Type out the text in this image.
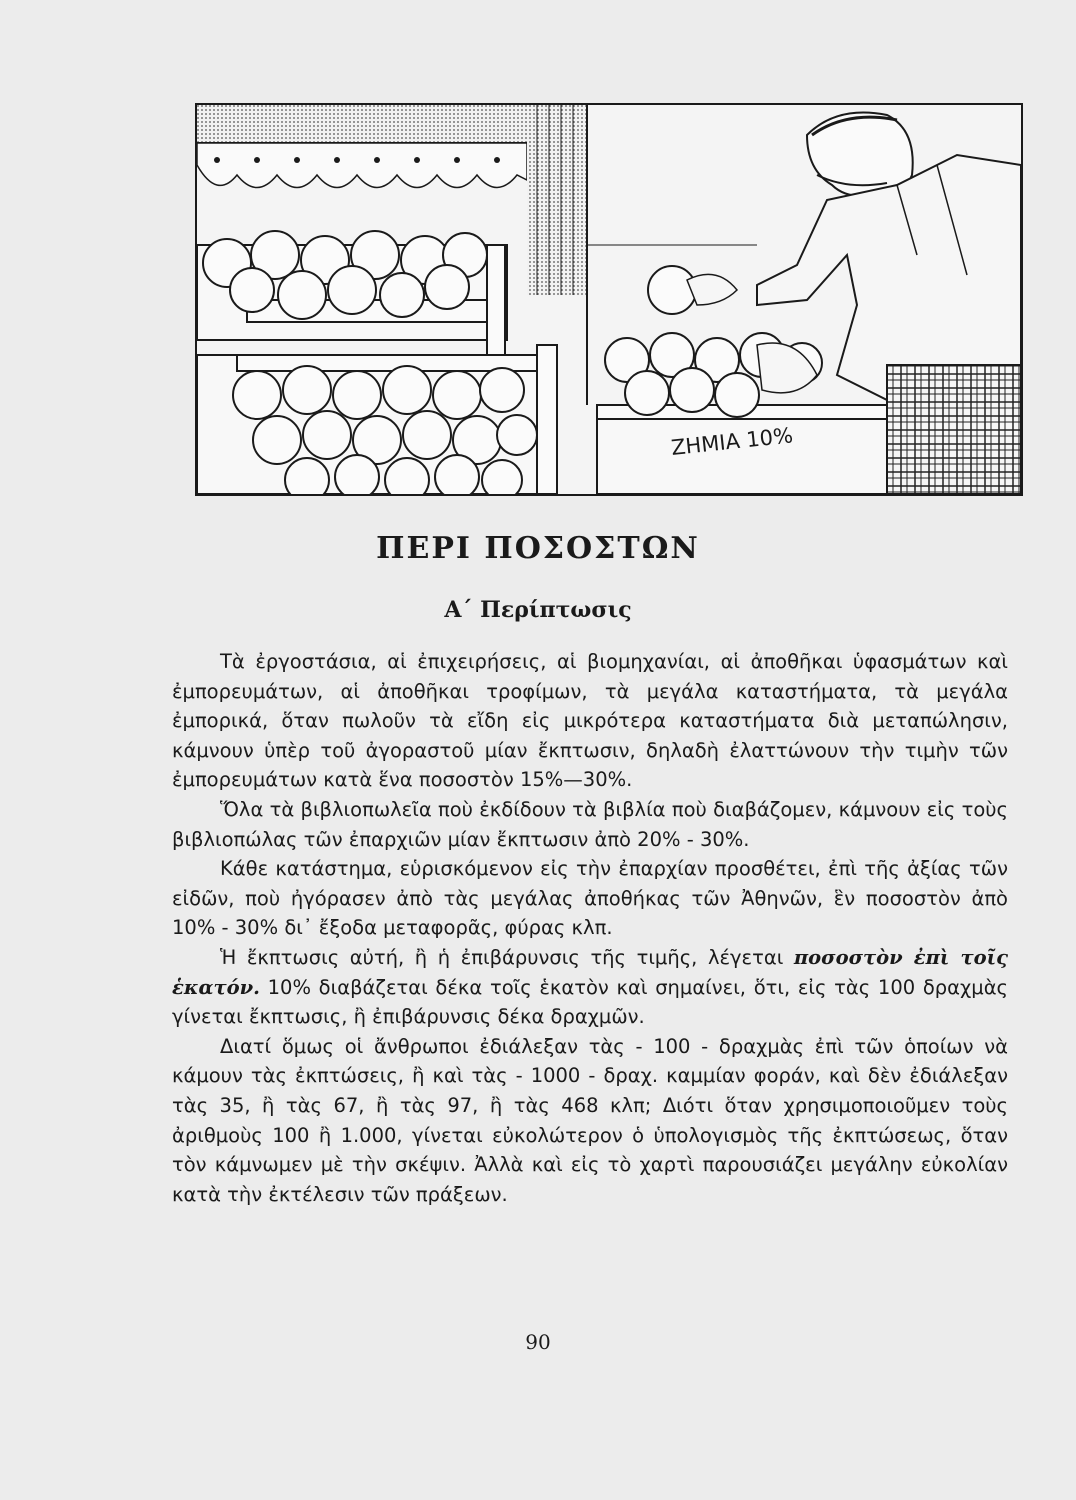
ΖΗΜΙΑ 10%
ΠΕΡΙ ΠΟΣΟΣΤΩΝ
Α΄ Περίπτωσις

Τὰ ἐργοστάσια, αἱ ἐπιχειρήσεις, αἱ βιομηχανίαι, αἱ ἀποθῆκαι ὑφασμάτων καὶ ἐμπορευμάτων, αἱ ἀποθῆκαι τροφίμων, τὰ μεγάλα καταστήματα, τὰ μεγάλα ἐμπορικά, ὅταν πωλοῦν τὰ εἴδη εἰς μικρότερα καταστήματα διὰ μεταπώλησιν, κάμνουν ὑπὲρ τοῦ ἀγοραστοῦ μίαν ἔκπτωσιν, δηλαδὴ ἐλαττώνουν τὴν τιμὴν τῶν ἐμπορευμάτων κατὰ ἕνα ποσοστὸν 15%—30%.

Ὅλα τὰ βιβλιοπωλεῖα ποὺ ἐκδίδουν τὰ βιβλία ποὺ διαβάζομεν, κάμνουν εἰς τοὺς βιβλιοπώλας τῶν ἐπαρχιῶν μίαν ἔκπτωσιν ἀπὸ 20% - 30%.

Κάθε κατάστημα, εὑρισκόμενον εἰς τὴν ἐπαρχίαν προσθέτει, ἐπὶ τῆς ἀξίας τῶν εἰδῶν, ποὺ ἠγόρασεν ἀπὸ τὰς μεγάλας ἀποθήκας τῶν Ἀθηνῶν, ἓν ποσοστὸν ἀπὸ 10% - 30% δι᾽ ἔξοδα μεταφορᾶς, φύρας κλπ.

Ἡ ἔκπτωσις αὐτή, ἢ ἡ ἐπιβάρυνσις τῆς τιμῆς, λέγεται ποσοστὸν ἐπὶ τοῖς ἑκατόν. 10% διαβάζεται δέκα τοῖς ἑκατὸν καὶ σημαίνει, ὅτι, εἰς τὰς 100 δραχμὰς γίνεται ἔκπτωσις, ἢ ἐπιβάρυνσις δέκα δραχμῶν.

Διατί ὅμως οἱ ἄνθρωποι ἐδιάλεξαν τὰς - 100 - δραχμὰς ἐπὶ τῶν ὁποίων νὰ κάμουν τὰς ἐκπτώσεις, ἢ καὶ τὰς - 1000 - δραχ. καμμίαν φοράν, καὶ δὲν ἐδιάλεξαν τὰς 35, ἢ τὰς 67, ἢ τὰς 97, ἢ τὰς 468 κλπ; Διότι ὅταν χρησιμοποιοῦμεν τοὺς ἀριθμοὺς 100 ἢ 1.000, γίνεται εὐκολώτερον ὁ ὑπολογισμὸς τῆς ἐκπτώσεως, ὅταν τὸν κάμνωμεν μὲ τὴν σκέψιν. Ἀλλὰ καὶ εἰς τὸ χαρτὶ παρουσιάζει μεγάλην εὐκολίαν κατὰ τὴν ἐκτέλεσιν τῶν πράξεων.

90
